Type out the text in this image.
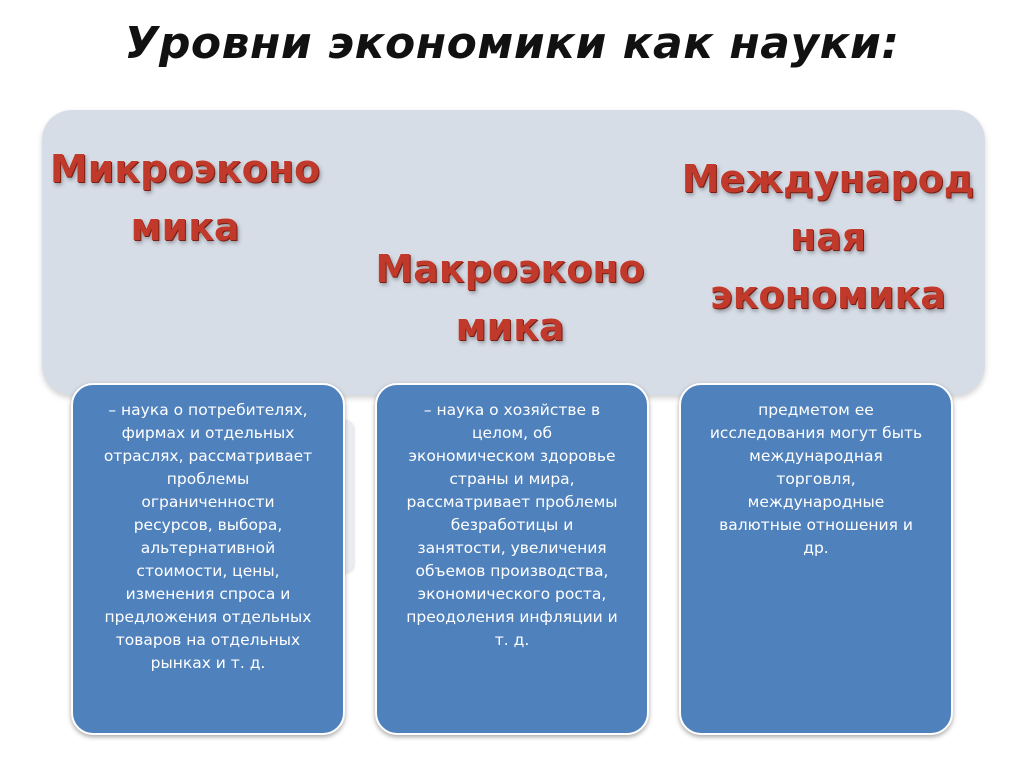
Уровни экономики как науки:
Микроэконо
мика
Макроэконо
мика
Международ
ная
экономика
– наука о потребителях,
фирмах и отдельных
отраслях, рассматривает
проблемы
ограниченности
ресурсов, выбора,
альтернативной
стоимости, цены,
изменения спроса и
предложения отдельных
товаров на отдельных
рынках и т. д.
– наука о хозяйстве в
целом, об
экономическом здоровье
страны и мира,
рассматривает проблемы
безработицы и
занятости, увеличения
объемов производства,
экономического роста,
преодоления инфляции и
т. д.
предметом ее
исследования могут быть
международная
торговля,
международные
валютные отношения и
др.
